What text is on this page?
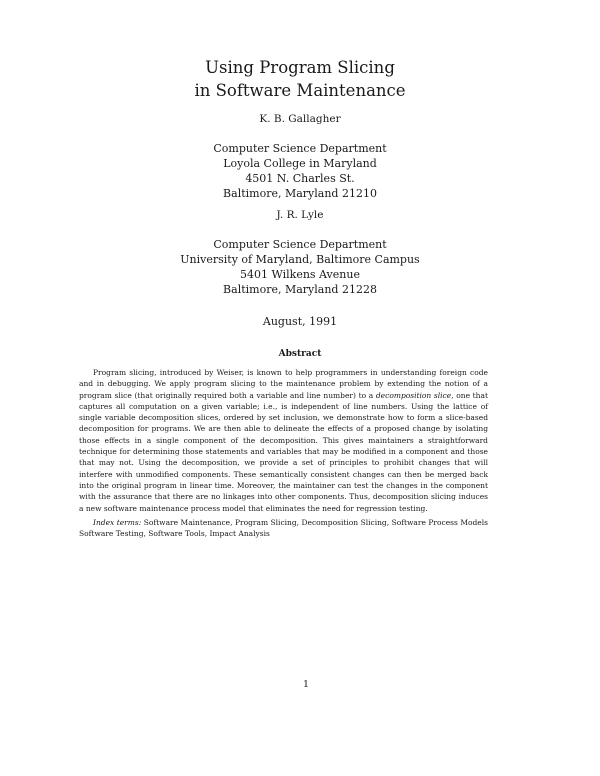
Using Program Slicing
in Software Maintenance
K. B. Gallagher
Computer Science Department
Loyola College in Maryland
4501 N. Charles St.
Baltimore, Maryland 21210
J. R. Lyle
Computer Science Department
University of Maryland, Baltimore Campus
5401 Wilkens Avenue
Baltimore, Maryland 21228
August, 1991
Abstract

Program slicing, introduced by Weiser, is known to help programmers in understanding foreign code and in debugging. We apply program slicing to the maintenance problem by extending the notion of a program slice (that originally required both a variable and line number) to a decomposition slice, one that captures all computation on a given variable; i.e., is independent of line numbers. Using the lattice of single variable decomposition slices, ordered by set inclusion, we demonstrate how to form a slice-based decomposition for programs. We are then able to delineate the effects of a proposed change by isolating those effects in a single component of the decomposition. This gives maintainers a straightforward technique for determining those statements and variables that may be modified in a component and those that may not. Using the decomposition, we provide a set of principles to prohibit changes that will interfere with unmodified components. These semantically consistent changes can then be merged back into the original program in linear time. Moreover, the maintainer can test the changes in the component with the assurance that there are no linkages into other components. Thus, decomposition slicing induces a new software maintenance process model that eliminates the need for regression testing.

Index terms: Software Maintenance, Program Slicing, Decomposition Slicing, Software Process Models Software Testing, Software Tools, Impact Analysis

1
